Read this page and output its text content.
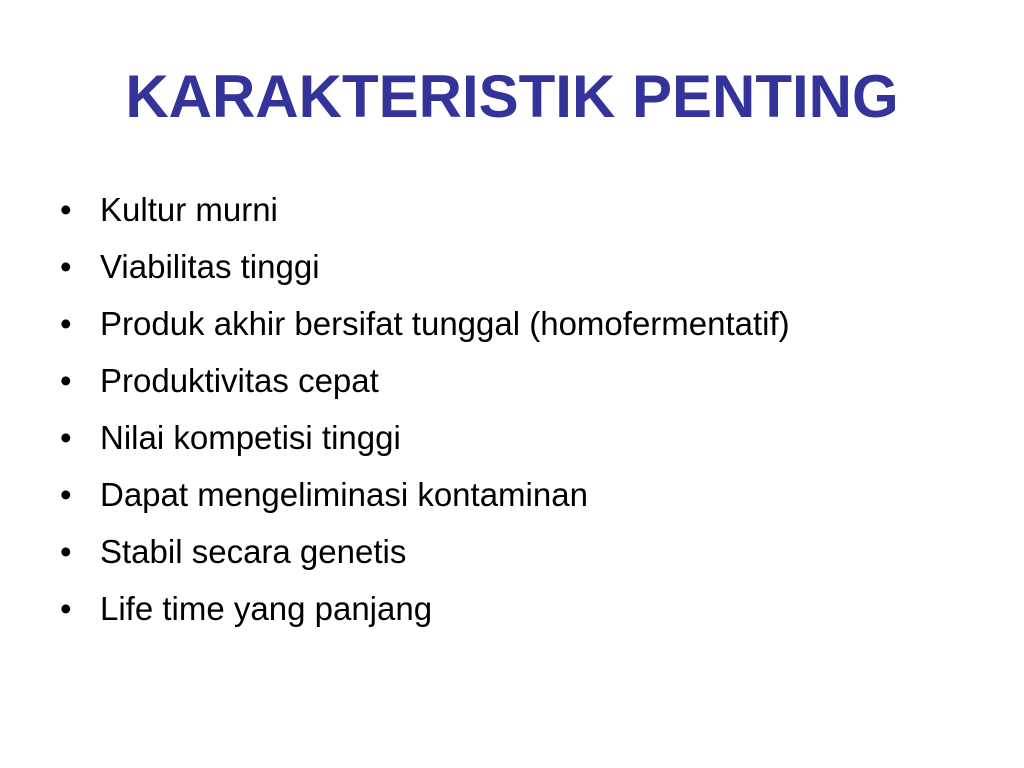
KARAKTERISTIK PENTING
• Kultur murni
• Viabilitas tinggi
• Produk akhir bersifat tunggal (homofermentatif)
• Produktivitas cepat
• Nilai kompetisi tinggi
• Dapat mengeliminasi kontaminan
• Stabil secara genetis
• Life time yang panjang
